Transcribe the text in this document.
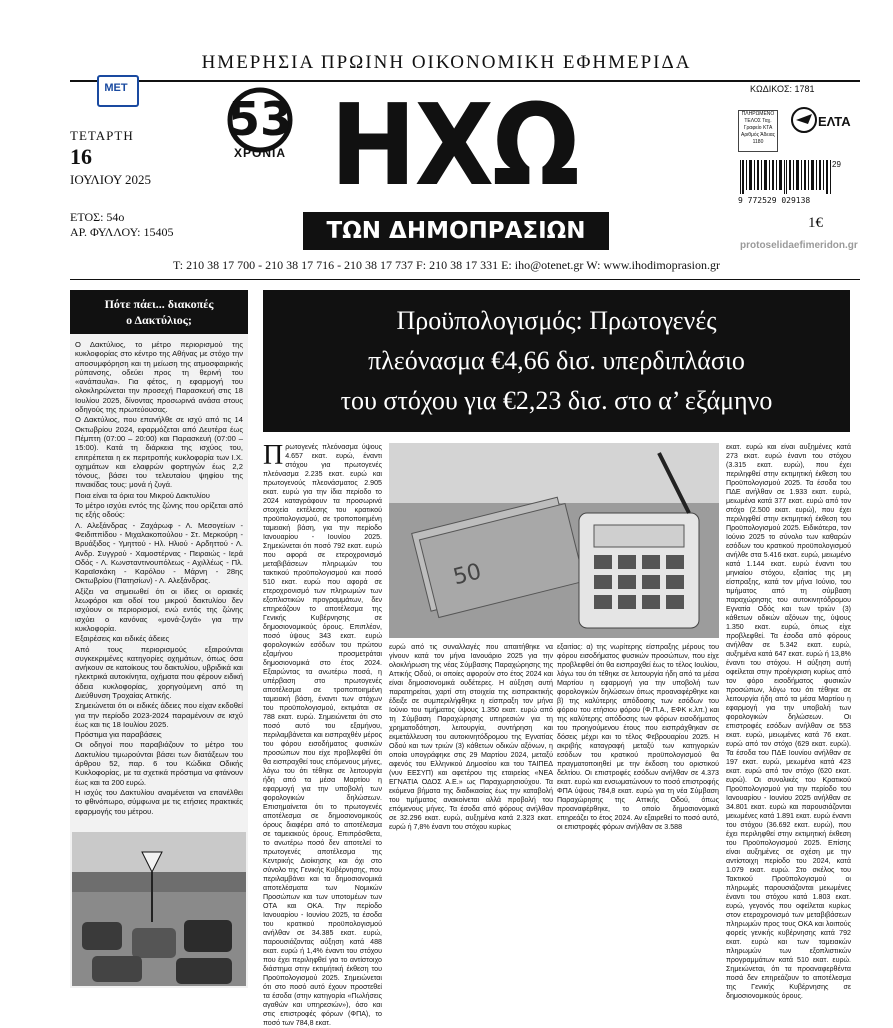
ΗΜΕΡΗΣΙΑ ΠΡΩΙΝΗ ΟΙΚΟΝΟΜΙΚΗ ΕΦΗΜΕΡΙΔΑ
ΜΕΤ
ΤΕΤΑΡΤΗ
16
ΙΟΥΛΙΟΥ 2025
ΕΤΟΣ: 54ο
ΑΡ. ΦΥΛΛΟΥ: 15405
53
ΧΡΟΝΙΑ ΗΧΩ
ΤΩΝ ΔΗΜΟΠΡΑΣΙΩΝ
ΚΩΔΙΚΟΣ: 1781
ΠΛΗΡΩΜΕΝΟ ΤΕΛΟΣ Ταχ. Γραφείο ΚΤΑ Αριθμός Άδειας 1180
ΕΛΤΑ
9 772529 029138
29
1€
protoselidaefimeridon.gr
T: 210 38 17 700 - 210 38 17 716 - 210 38 17 737 F: 210 38 17 331 E: iho@otenet.gr W: www.ihodimoprasion.gr
Πότε πάει... διακοπές
ο Δακτύλιος;

Ο Δακτύλιος, το μέτρο περιορισμού της κυκλοφορίας στο κέντρο της Αθήνας με στόχο την αποσυμφόρηση και τη μείωση της ατμοσφαιρικής ρύπανσης, οδεύει προς τη θερινή του «ανάπαυλα». Για φέτος, η εφαρμογή του ολοκληρώνεται την προσεχή Παρασκευή στις 18 Ιουλίου 2025, δίνοντας προσωρινά ανάσα στους οδηγούς της πρωτεύουσας.

Ο Δακτύλιος, που επανήλθε σε ισχύ από τις 14 Οκτωβρίου 2024, εφαρμόζεται από Δευτέρα έως Πέμπτη (07:00 – 20:00) και Παρασκευή (07:00 – 15:00). Κατά τη διάρκεια της ισχύος του, επιτρέπεται η εκ περιτροπής κυκλοφορία των Ι.Χ. οχημάτων και ελαφρών φορτηγών έως 2,2 τόνους, βάσει του τελευταίου ψηφίου της πινακίδας τους: μονά ή ζυγά.

Ποια είναι τα όρια του Μικρού Δακτυλίου

Το μέτρο ισχύει εντός της ζώνης που ορίζεται από τις εξής οδούς:

Λ. Αλεξάνδρας - Ζαχάρωφ - Λ. Μεσογείων - Φειδιππίδου - Μιχαλακοπούλου - Στ. Μερκούρη - Βρυάξιδος - Υμηττού - Ηλ. Ηλιού - Αρδηττού - Λ. Ανδρ. Συγγρού - Χαμοστέρνας - Πειραιώς - Ιερά Οδός - Λ. Κωνσταντινουπόλεως - Αχιλλέως - Πλ. Καραϊσκάκη - Καρόλου - Μάρνη - 28ης Οκτωβρίου (Πατησίων) - Λ. Αλεξάνδρας.

Αξίζει να σημειωθεί ότι οι ίδιες οι οριακές λεωφόροι και οδοί του μικρού δακτυλίου δεν ισχύουν οι περιορισμοί, ενώ εντός της ζώνης ισχύει ο κανόνας «μονά-ζυγά» για την κυκλοφορία.

Εξαιρέσεις και ειδικές άδειες

Από τους περιορισμούς εξαιρούνται συγκεκριμένες κατηγορίες οχημάτων, όπως όσα ανήκουν σε κατοίκους του δακτυλίου, υβριδικά και ηλεκτρικά αυτοκίνητα, οχήματα που φέρουν ειδική άδεια κυκλοφορίας, χορηγούμενη από τη Διεύθυνση Τροχαίας Αττικής.

Σημειώνεται ότι οι ειδικές άδειες που είχαν εκδοθεί για την περίοδο 2023-2024 παραμένουν σε ισχύ έως και τις 18 Ιουλίου 2025.

Πρόστιμα για παραβάσεις

Οι οδηγοί που παραβιάζουν το μέτρο του Δακτυλίου τιμωρούνται βάσει των διατάξεων του άρθρου 52, παρ. 6 του Κώδικα Οδικής Κυκλοφορίας, με τα σχετικά πρόστιμα να φτάνουν έως και τα 200 ευρώ.

Η ισχύς του Δακτυλίου αναμένεται να επανέλθει το φθινόπωρο, σύμφωνα με τις ετήσιες πρακτικές εφαρμογής του μέτρου.

Προϋπολογισμός: Πρωτογενές
πλεόνασμα €4,66 δισ. υπερδιπλάσιο
του στόχου για €2,23 δισ. στο α’ εξάμηνο
Π ρωτογενές πλεόνασμα ύψους 4.657 εκατ. ευρώ, έναντι στόχου για πρωτογενές πλεόνασμα 2.235 εκατ. ευρώ και πρωτογενούς πλεονάσματος 2.905 εκατ. ευρώ για την ίδια περίοδο το 2024 καταγράφουν τα προσωρινά στοιχεία εκτέλεσης του κρατικού προϋπολογισμού, σε τροποποιημένη ταμειακή βάση, για την περίοδο Ιανουαρίου - Ιουνίου 2025. Σημειώνεται ότι ποσό 792 εκατ. ευρώ που αφορά σε ετεροχρονισμό μεταβιβάσεων πληρωμών του τακτικού προϋπολογισμού και ποσό 510 εκατ. ευρώ που αφορά σε ετεροχρονισμό των πληρωμών των εξοπλιστικών προγραμμάτων, δεν επηρεάζουν το αποτέλεσμα της Γενικής Κυβέρνησης σε δημοσιονομικούς όρους. Επιπλέον, ποσό ύψους 343 εκατ. ευρώ φορολογικών εσόδων του πρώτου εξαμήνου προσμετράται δημοσιονομικά στο έτος 2024. Εξαιρώντας τα ανωτέρω ποσά, η υπέρβαση στο πρωτογενές αποτέλεσμα σε τροποποιημένη ταμειακή βάση, έναντι των στόχων του προϋπολογισμού, εκτιμάται σε 788 εκατ. ευρώ. Σημειώνεται ότι στο ποσό αυτό του εξαμήνου, περιλαμβάνεται και εισπραχθέν μέρος του φόρου εισοδήματος φυσικών προσώπων που είχε προβλεφθεί ότι θα εισπραχθεί τους επόμενους μήνες, λόγω του ότι τέθηκε σε λειτουργία ήδη από τα μέσα Μαρτίου η εφαρμογή για την υποβολή των φορολογικών δηλώσεων. Επισημαίνεται ότι το πρωτογενές αποτέλεσμα σε δημοσιονομικούς όρους διαφέρει από το αποτέλεσμα σε ταμειακούς όρους. Επιπρόσθετα, το ανωτέρω ποσό δεν αποτελεί το πρωτογενές αποτέλεσμα της Κεντρικής Διοίκησης και όχι στο σύνολο της Γενικής Κυβέρνησης, που περιλαμβάνει και τα δημοσιονομικά αποτελέσματα των Νομικών Προσώπων και των υποτομέων των ΟΤΑ και ΟΚΑ. Την περίοδο Ιανουαρίου - Ιουνίου 2025, τα έσοδα του κρατικού προϋπολογισμού ανήλθαν σε 34.385 εκατ. ευρώ, παρουσιάζοντας αύξηση κατά 488 εκατ. ευρώ ή 1,4% έναντι του στόχου που έχει περιληφθεί για το αντίστοιχο διάστημα στην εκτιμήτική έκθεση του Προϋπολογισμού 2025. Σημειώνεται ότι στο ποσό αυτό έχουν προστεθεί τα έσοδα (στην κατηγορία «Πωλήσεις αγαθών και υπηρεσιών»), όσο και στις επιστροφές φόρων (ΦΠΑ), το ποσό των 784,8 εκατ.

50

ευρώ από τις συναλλαγές που απαιτήθηκε να γίνουν κατά τον μήνα Ιανουάριο 2025 για την ολοκλήρωση της νέας Σύμβασης Παραχώρησης της Αττικής Οδού, οι οποίες αφορούν στο έτος 2024 και είναι δημοσιονομικά ουδέτερες. Η αύξηση αυτή παρατηρείται, χαρτί στη στοιχεία της εισπρακτικής έδειξε σε συμπεριλήφθηκε η είσπραξη τον μήνα Ιούνιο του τιμήματος ύψους 1.350 εκατ. ευρώ από τη Σύμβαση Παραχώρησης υπηρεσιών για τη χρηματοδότηση, λειτουργία, συντήρηση και εκμετάλλευση του αυτοκινητόδρομου της Εγνατίας Οδού και των τριών (3) κάθετων οδικών αξόνων, η οποία υπογράφηκε στις 29 Μαρτίου 2024, μεταξύ αφενός του Ελληνικού Δημοσίου και του ΤΑΙΠΕΔ (νυν ΕΕΣΥΠ) και αφετέρου της εταιρείας «ΝΕΑ ΕΓΝΑΤΙΑ ΟΔΟΣ Α.Ε.» ως Παραχωρησιούχου. Τα εκόμενα βήματα της διαδικασίας έως την καταβολή του τιμήματος ανακοίνεται αλλά προβολή του επόμενους μήνες. Τα έσοδα από φόρους ανήλθαν σε 32.296 εκατ. ευρώ, αυξημένα κατά 2.323 εκατ. ευρώ ή 7,8% έναντι του στόχου κυρίως

εξαιτίας: α) της νωρίτερης είσπραξης μέρους του φόρου εισοδήματος φυσικών προσώπων, που είχε προβλεφθεί ότι θα εισπραχθεί έως το τέλος Ιουλίου, λόγω του ότι τέθηκε σε λειτουργία ήδη από τα μέσα Μαρτίου η εφαρμογή για την υποβολή των φορολογικών δηλώσεων όπως προαναφέρθηκε και β) της καλύτερης απόδοσης των εσόδων του φόρου του ετήσιου φόρου (Φ.Π.Α., ΕΦΚ κ.λπ.) και της καλύτερης απόδοσης των φόρων εισοδήματος του προηγούμενου έτους που εισπράχθηκαν σε δόσεις μέχρι και το τέλος Φεβρουαρίου 2025. Η ακριβής καταγραφή μεταξύ των κατηγοριών εσόδων του κρατικού προϋπολογισμού θα πραγματοποιηθεί με την έκδοση του οριστικού δελτίου. Οι επιστροφές εσόδων ανήλθαν σε 4.373 εκατ. ευρώ και ενσωματώνουν το ποσό επιστροφής ΦΠΑ ύψους 784,8 εκατ. ευρώ για τη νέα Σύμβαση Παραχώρησης της Αττικής Οδού, όπως προαναφέρθηκε, το οποίο δημοσιονομικά επηρεάζει το έτος 2024. Αν εξαιρεθεί το ποσό αυτό, οι επιστροφές φόρων ανήλθαν σε 3.588

εκατ. ευρώ και είναι αυξημένες κατά 273 εκατ. ευρώ έναντι του στόχου (3.315 εκατ. ευρώ), που έχει περιληφθεί στην εκτιμητική έκθεση του Προϋπολογισμού 2025. Τα έσοδα του ΠΔΕ ανήλθαν σε 1.933 εκατ. ευρώ, μειωμένα κατά 377 εκατ. ευρώ από τον στόχο (2.500 εκατ. ευρώ), που έχει περιληφθεί στην εκτιμητική έκθεση του Προϋπολογισμού 2025. Ειδικότερα, τον Ιούνιο 2025 το σύνολο των καθαρών εσόδων του κρατικού προϋπολογισμού ανήλθε στα 5.416 εκατ. ευρώ, μειωμένο κατά 1.144 εκατ. ευρώ έναντι του μηνιαίου στόχου, εξαιτίας της μη είσπραξης, κατά τον μήνα Ιούνιο, του τιμήματος από τη σύμβαση παραχώρησης του αυτοκινητόδρομου Εγνατία Οδός και των τριών (3) κάθετων οδικών αξόνων της, ύψους 1.350 εκατ. ευρώ, όπως είχε προβλεφθεί. Τα έσοδα από φόρους ανήλθαν σε 5.342 εκατ. ευρώ, αυξημένα κατά 647 εκατ. ευρώ ή 13,8% έναντι του στόχου. Η αύξηση αυτή οφείλεται στην προέγκριση κυρίως από τον φόρο εισοδήματος φυσικών προσώπων, λόγω του ότι τέθηκε σε λειτουργία ήδη από τα μέσα Μαρτίου η εφαρμογή για την υποβολή των φορολογικών δηλώσεων. Οι επιστροφές εσόδων ανήλθαν σε 553 εκατ. ευρώ, μειωμένες κατά 76 εκατ. ευρώ από τον στόχο (629 εκατ. ευρώ). Τα έσοδα του ΠΔΕ Ιουνίου ανήλθαν σε 197 εκατ. ευρώ, μειωμένα κατά 423 εκατ. ευρώ από τον στόχο (620 εκατ. ευρώ). Οι συνολικές του Κρατικού Προϋπολογισμού για την περίοδο του Ιανουαρίου - Ιουνίου 2025 ανήλθαν σε 34.801 εκατ. ευρώ και παρουσιάζονται μειωμένες κατά 1.891 εκατ. ευρώ έναντι του στόχου (36.692 εκατ. ευρώ), που έχει περιληφθεί στην εκτιμητική έκθεση του Προϋπολογισμού 2025. Επίσης είναι αυξημένες σε σχέση με την αντίστοιχη περίοδο του 2024, κατά 1.079 εκατ. ευρώ. Στο σκέλος του Τακτικού Προϋπολογισμού οι πληρωμές παρουσιάζονται μειωμένες έναντι του στόχου κατά 1.803 εκατ. ευρώ, γεγονός που οφείλεται κυρίως στον ετεροχρονισμό των μεταβιβάσεων πληρωμών προς τους ΟΚΑ και λοιπούς φορείς γενικής κυβέρνησης κατά 792 εκατ. ευρώ και των ταμειακών πληρωμών των εξοπλιστικών προγραμμάτων κατά 510 εκατ. ευρώ. Σημειώνεται, ότι τα προαναφερθέντα ποσά δεν επηρεάζουν το αποτέλεσμα της Γενικής Κυβέρνησης σε δημοσιονομικούς όρους.
